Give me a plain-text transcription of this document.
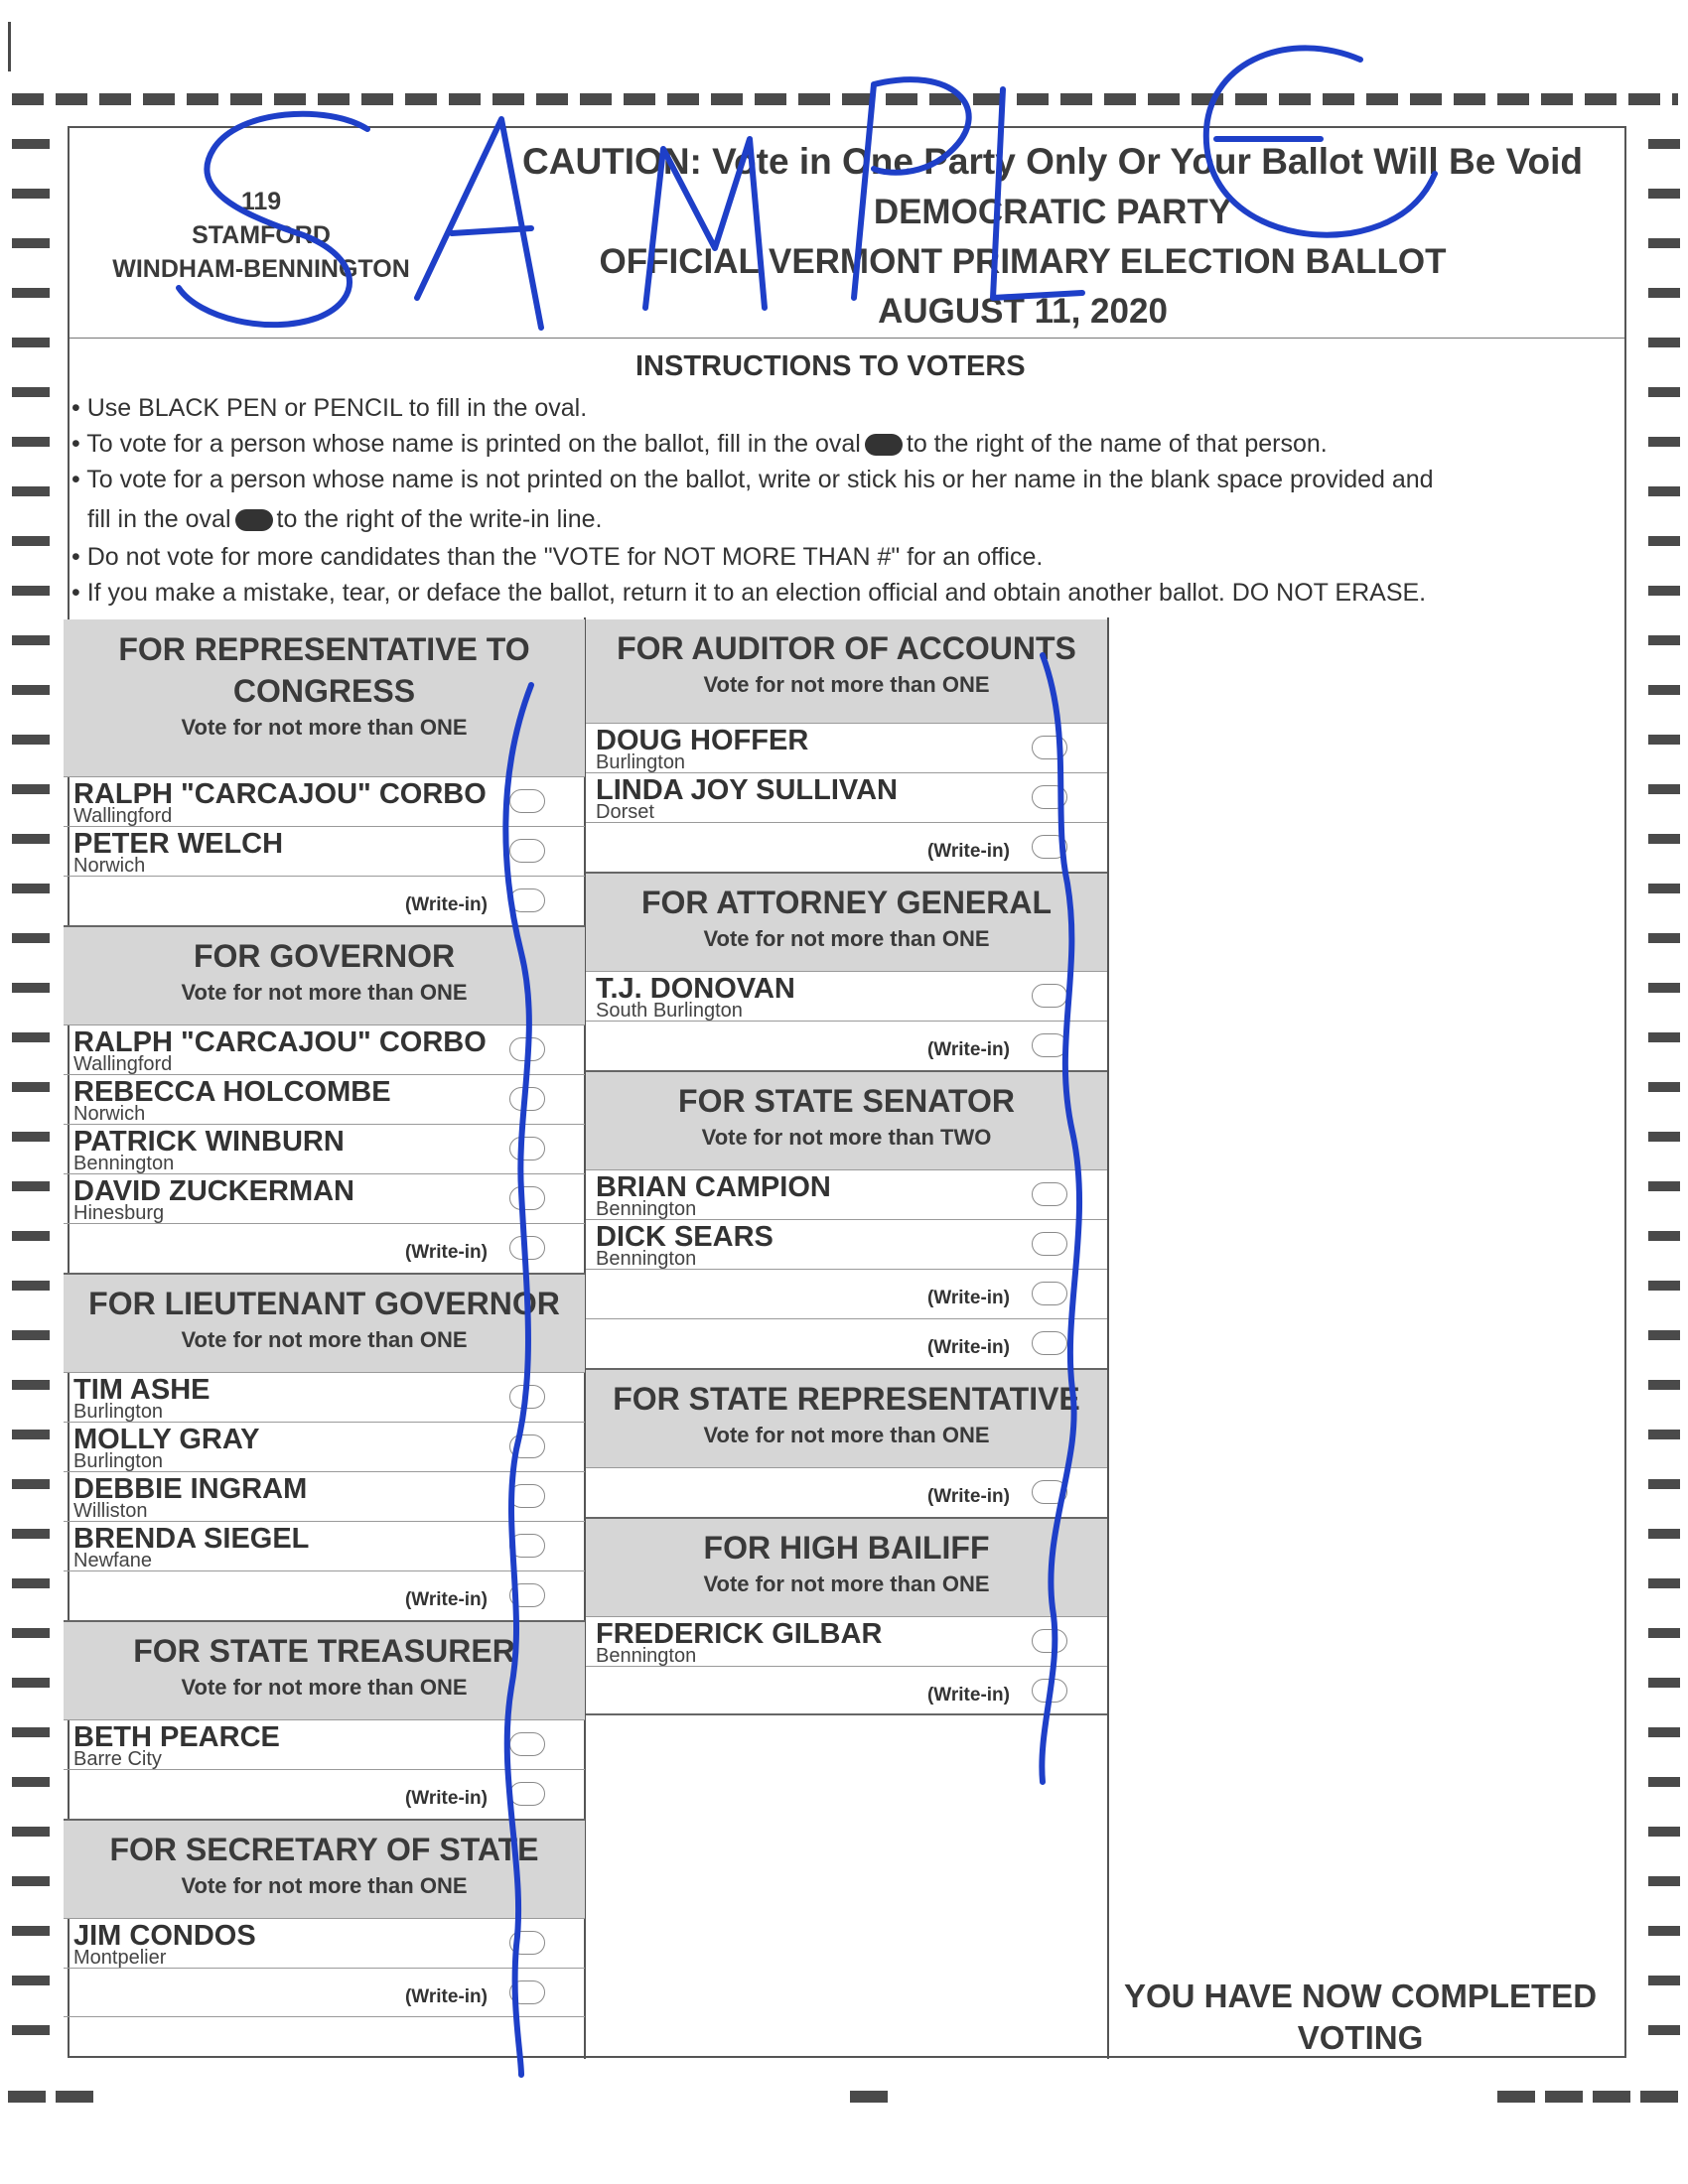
119
STAMFORD
WINDHAM-BENNINGTON
CAUTION: Vote in One Party Only Or Your Ballot Will Be Void
DEMOCRATIC PARTY
OFFICIAL VERMONT PRIMARY ELECTION BALLOT
AUGUST 11, 2020
INSTRUCTIONS TO VOTERS
• Use BLACK PEN or PENCIL to fill in the oval.
• To vote for a person whose name is printed on the ballot, fill in the oval to the right of the name of that person.
• To vote for a person whose name is not printed on the ballot, write or stick his or her name in the blank space provided and
fill in the oval to the right of the write-in line.
• Do not vote for more candidates than the "VOTE for NOT MORE THAN #" for an office.
• If you make a mistake, tear, or deface the ballot, return it to an election official and obtain another ballot. DO NOT ERASE.
FOR REPRESENTATIVE TO
CONGRESS
Vote for not more than ONE
RALPH "CARCAJOU" CORBO
Wallingford
PETER WELCH
Norwich
(Write-in)
FOR GOVERNOR
Vote for not more than ONE
RALPH "CARCAJOU" CORBO
Wallingford
REBECCA HOLCOMBE
Norwich
PATRICK WINBURN
Bennington
DAVID ZUCKERMAN
Hinesburg
(Write-in)
FOR LIEUTENANT GOVERNOR
Vote for not more than ONE
TIM ASHE
Burlington
MOLLY GRAY
Burlington
DEBBIE INGRAM
Williston
BRENDA SIEGEL
Newfane
(Write-in)
FOR STATE TREASURER
Vote for not more than ONE
BETH PEARCE
Barre City
(Write-in)
FOR SECRETARY OF STATE
Vote for not more than ONE
JIM CONDOS
Montpelier
(Write-in)
FOR AUDITOR OF ACCOUNTS
Vote for not more than ONE
DOUG HOFFER
Burlington
LINDA JOY SULLIVAN
Dorset
(Write-in)
FOR ATTORNEY GENERAL
Vote for not more than ONE
T.J. DONOVAN
South Burlington
(Write-in)
FOR STATE SENATOR
Vote for not more than TWO
BRIAN CAMPION
Bennington
DICK SEARS
Bennington
(Write-in)
(Write-in)
FOR STATE REPRESENTATIVE
Vote for not more than ONE
(Write-in)
FOR HIGH BAILIFF
Vote for not more than ONE
FREDERICK GILBAR
Bennington
(Write-in)
YOU HAVE NOW COMPLETED
VOTING
